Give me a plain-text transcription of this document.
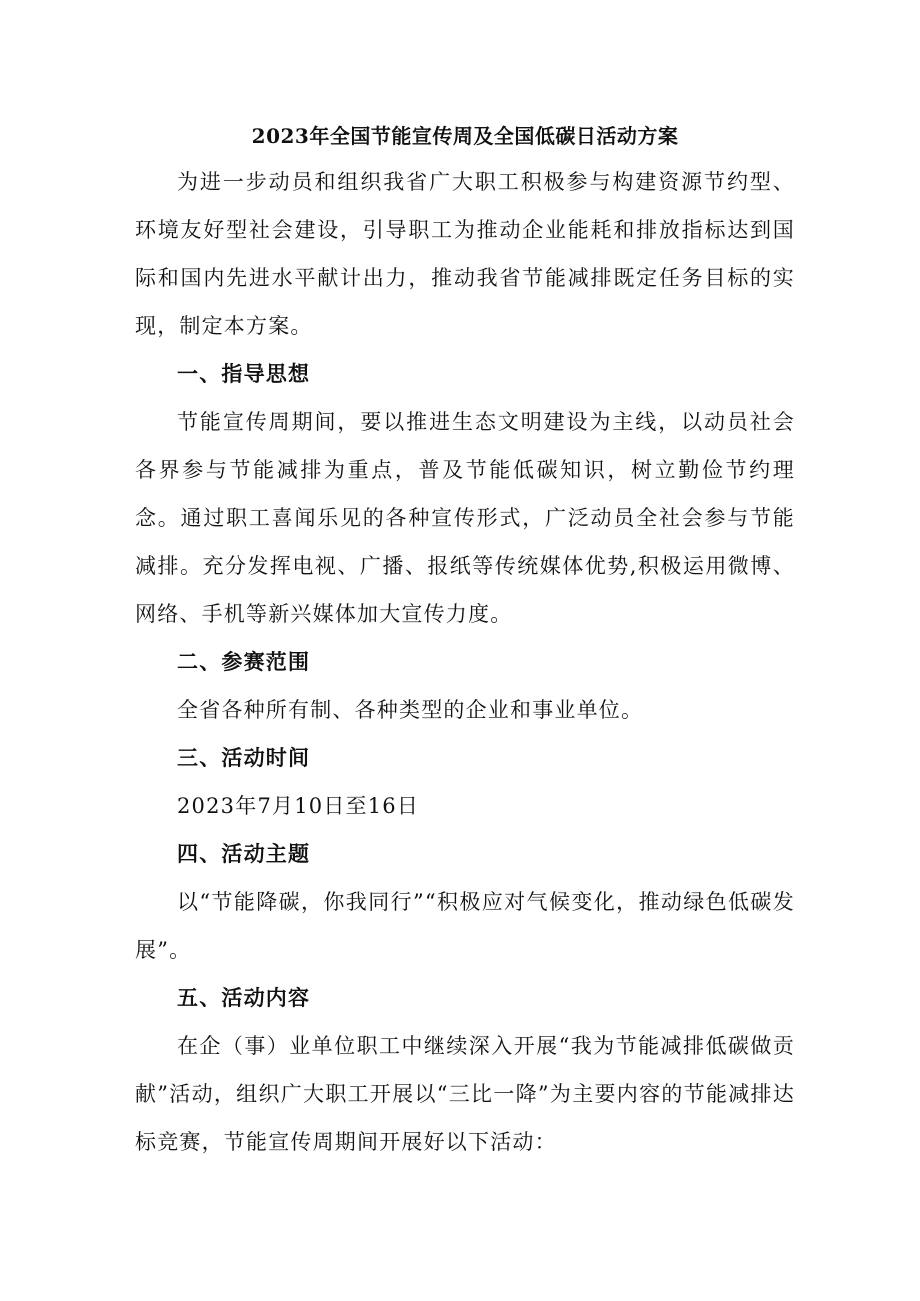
2023年全国节能宣传周及全国低碳日活动方案

为进一步动员和组织我省广大职工积极参与构建资源节约型、环境友好型社会建设，引导职工为推动企业能耗和排放指标达到国际和国内先进水平献计出力，推动我省节能减排既定任务目标的实现，制定本方案。

一、指导思想

节能宣传周期间，要以推进生态文明建设为主线，以动员社会各界参与节能减排为重点，普及节能低碳知识，树立勤俭节约理念。通过职工喜闻乐见的各种宣传形式，广泛动员全社会参与节能减排。充分发挥电视、广播、报纸等传统媒体优势,积极运用微博、网络、手机等新兴媒体加大宣传力度。

二、参赛范围

全省各种所有制、各种类型的企业和事业单位。

三、活动时间

2023年7月10日至16日

四、活动主题

以“节能降碳，你我同行”“积极应对气候变化，推动绿色低碳发展”。

五、活动内容

在企（事）业单位职工中继续深入开展“我为节能减排低碳做贡献”活动，组织广大职工开展以“三比一降”为主要内容的节能减排达标竞赛，节能宣传周期间开展好以下活动：
